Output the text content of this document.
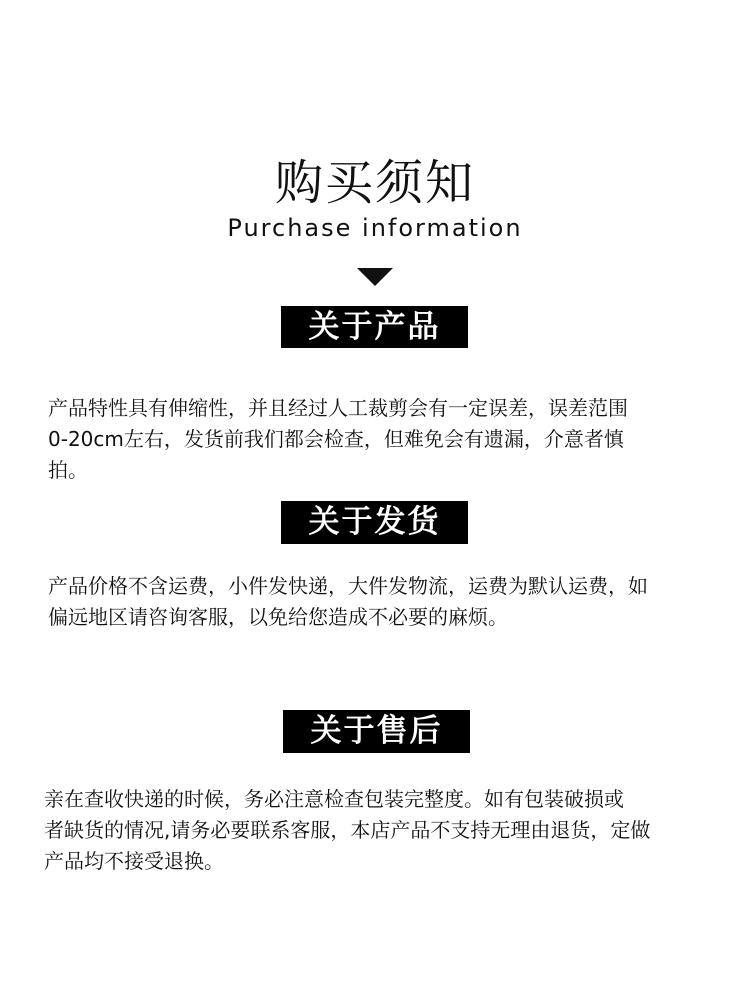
购买须知
Purchase information
关于产品

产品特性具有伸缩性，并且经过人工裁剪会有一定误差，误差范围
0-20cm左右，发货前我们都会检查，但难免会有遗漏，介意者慎
拍。

关于发货

产品价格不含运费，小件发快递，大件发物流，运费为默认运费，如
偏远地区请咨询客服，以免给您造成不必要的麻烦。

关于售后

亲在查收快递的时候，务必注意检查包装完整度。如有包装破损或
者缺货的情况,请务必要联系客服，本店产品不支持无理由退货，定做
产品均不接受退换。
